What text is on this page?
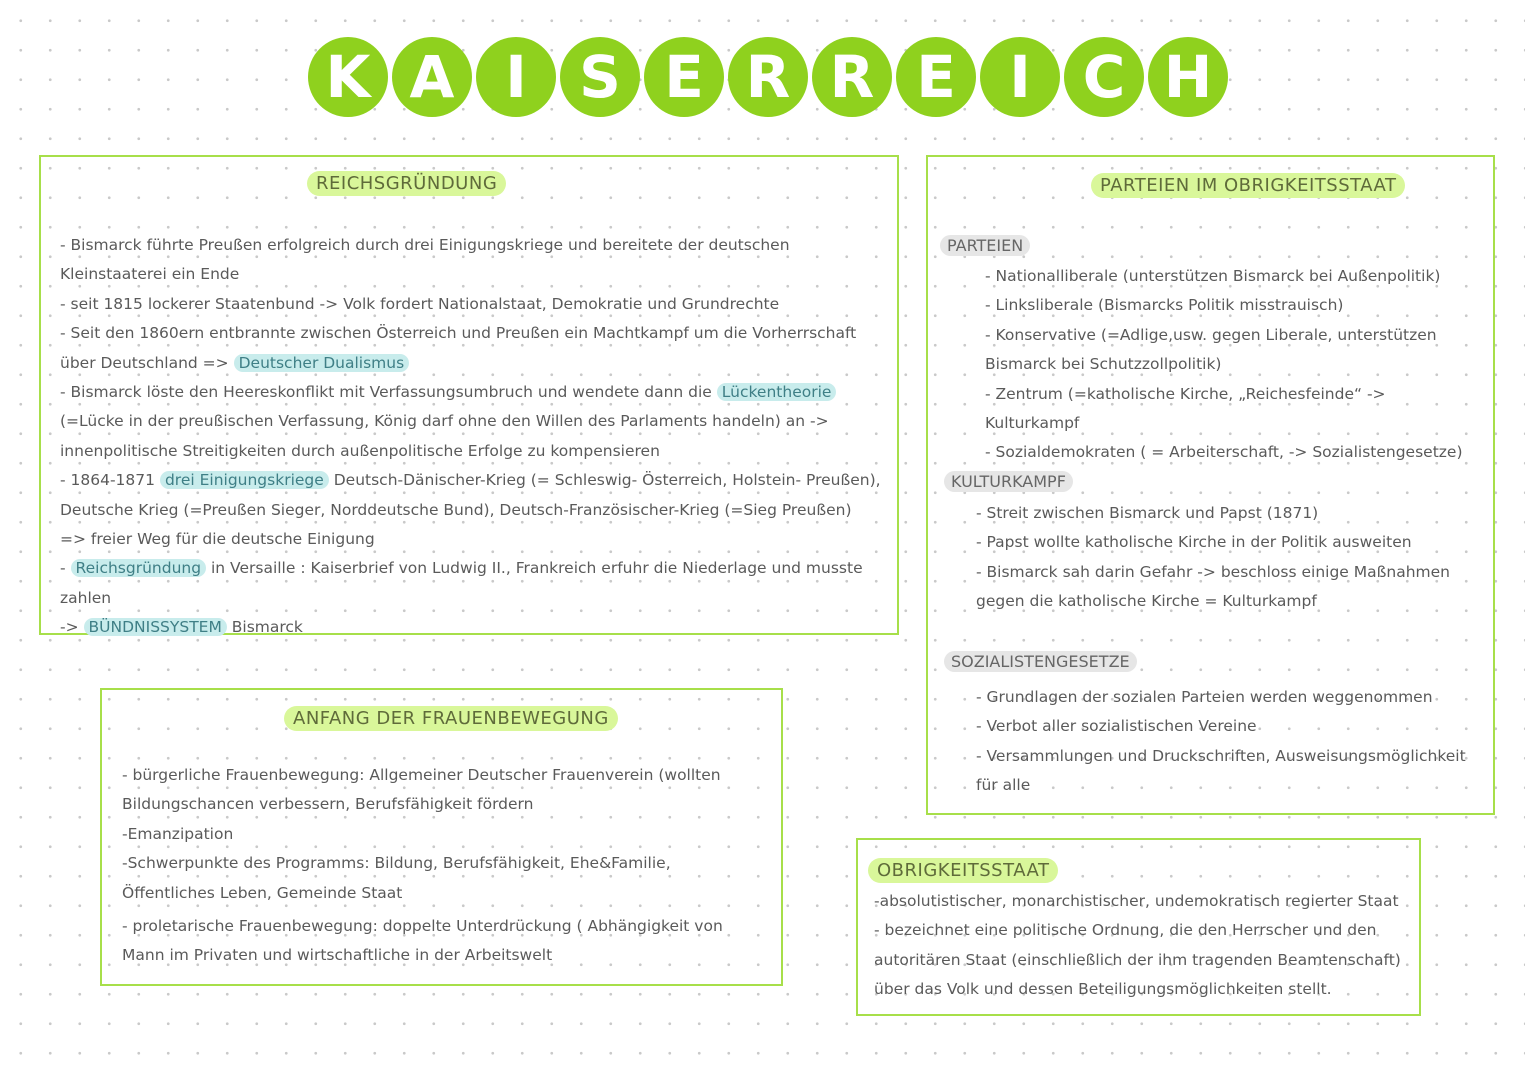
K A I S E R R E I C H
REICHSGRÜNDUNG

- Bismarck führte Preußen erfolgreich durch drei Einigungskriege und bereitete der deutschen Kleinstaaterei ein Ende

- seit 1815 lockerer Staatenbund -> Volk fordert Nationalstaat, Demokratie und Grundrechte

- Seit den 1860ern entbrannte zwischen Österreich und Preußen ein Machtkampf um die Vorherrschaft über Deutschland => Deutscher Dualismus

- Bismarck löste den Heereskonflikt mit Verfassungsumbruch und wendete dann die Lückentheorie (=Lücke in der preußischen Verfassung, König darf ohne den Willen des Parlaments handeln) an -> innenpolitische Streitigkeiten durch außenpolitische Erfolge zu kompensieren

- 1864-1871 drei Einigungskriege Deutsch-Dänischer-Krieg (= Schleswig- Österreich, Holstein- Preußen), Deutsche Krieg (=Preußen Sieger, Norddeutsche Bund), Deutsch-Französischer-Krieg (=Sieg Preußen) => freier Weg für die deutsche Einigung

- Reichsgründung in Versaille : Kaiserbrief von Ludwig II., Frankreich erfuhr die Niederlage und musste zahlen

-> BÜNDNISSYSTEM Bismarck

ANFANG DER FRAUENBEWEGUNG

- bürgerliche Frauenbewegung: Allgemeiner Deutscher Frauenverein (wollten Bildungschancen verbessern, Berufsfähigkeit fördern

-Emanzipation

-Schwerpunkte des Programms: Bildung, Berufsfähigkeit, Ehe&Familie, Öffentliches Leben, Gemeinde Staat

- proletarische Frauenbewegung: doppelte Unterdrückung ( Abhängigkeit von Mann im Privaten und wirtschaftliche in der Arbeitswelt

PARTEIEN IM OBRIGKEITSSTAAT
PARTEIEN

- Nationalliberale (unterstützen Bismarck bei Außenpolitik)

- Linksliberale (Bismarcks Politik misstrauisch)

- Konservative (=Adlige,usw. gegen Liberale, unterstützen Bismarck bei Schutzzollpolitik)

- Zentrum (=katholische Kirche, „Reichesfeinde“ -> Kulturkampf

- Sozialdemokraten ( = Arbeiterschaft, -> Sozialistengesetze)

KULTURKAMPF

- Streit zwischen Bismarck und Papst (1871)

- Papst wollte katholische Kirche in der Politik ausweiten

- Bismarck sah darin Gefahr -> beschloss einige Maßnahmen gegen die katholische Kirche = Kulturkampf

SOZIALISTENGESETZE

- Grundlagen der sozialen Parteien werden weggenommen

- Verbot aller sozialistischen Vereine

- Versammlungen und Druckschriften, Ausweisungsmöglichkeit für alle

OBRIGKEITSSTAAT

-absolutistischer, monarchistischer, undemokratisch regierter Staat

- bezeichnet eine politische Ordnung, die den Herrscher und den autoritären Staat (einschließlich der ihm tragenden Beamtenschaft) über das Volk und dessen Beteiligungsmöglichkeiten stellt.
